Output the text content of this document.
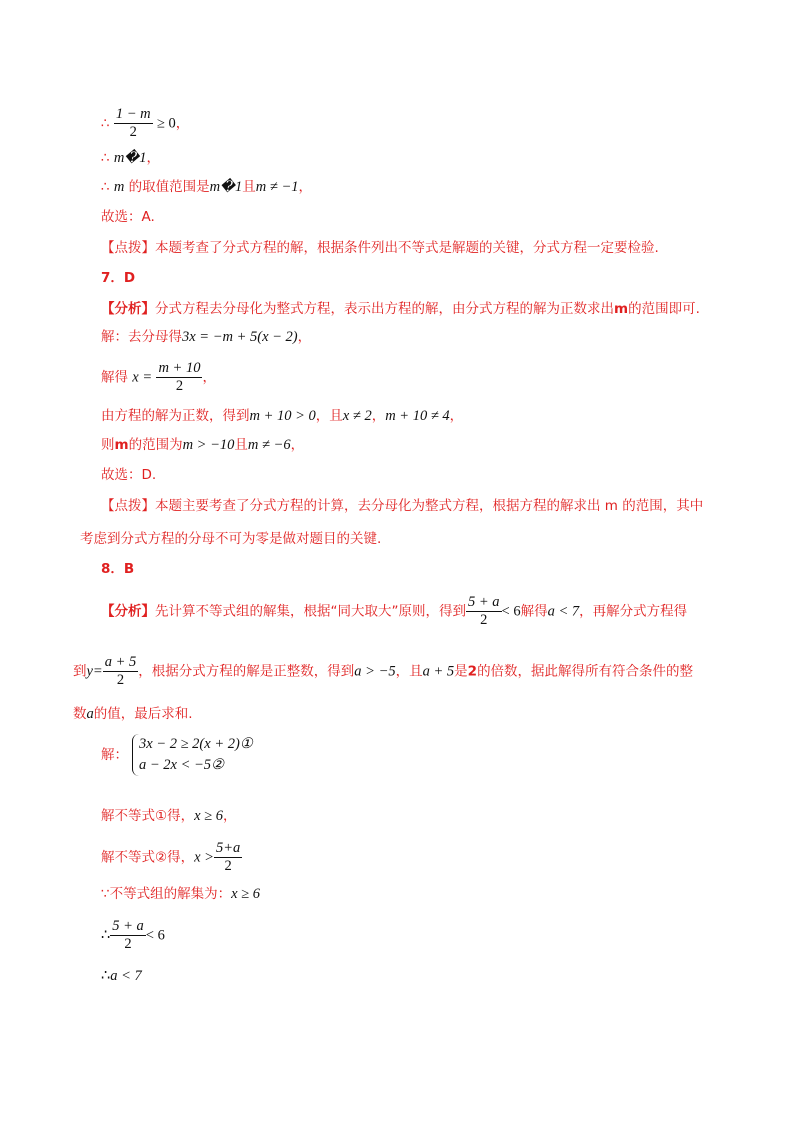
∴ $\frac{1 - m}{2} \ge 0$，
∴ m�1，
∴ m 的取值范围是m�1且m ≠ −1，
故选：A.
【点拨】本题考查了分式方程的解，根据条件列出不等式是解题的关键，分式方程一定要检验.
7．D
【分析】分式方程去分母化为整式方程，表示出方程的解，由分式方程的解为正数求出m的范围即可.
解：去分母得3x = −m + 5(x − 2)，
解得 $x = \frac{m + 10}{2}$ ，
由方程的解为正数，得到m + 10 > 0，且x ≠ 2，m + 10 ≠ 4，
则m的范围为m > −10且m ≠ −6，
故选：D.
【点拨】本题主要考查了分式方程的计算，去分母化为整式方程，根据方程的解求出 m 的范围，其中
考虑到分式方程的分母不可为零是做对题目的关键.
8．B
【分析】先计算不等式组的解集，根据“同大取大”原则，得到 $\frac{5 + a}{2} < 6$解得a < 7，再解分式方程得
到$y= \frac{a + 5}{2}$ ，根据分式方程的解是正整数，得到a > −5，且a + 5是2的倍数，据此解得所有符合条件的整
数a的值，最后求和.
解：
3x − 2 ≥ 2(x + 2)①
a − 2x < −5②
解不等式①得，x ≥ 6，
解不等式②得，$x > \frac{5+a}{2}$
∵不等式组的解集为：x ≥ 6
∴ $\frac{5 + a}{2} < 6$
∴a < 7
